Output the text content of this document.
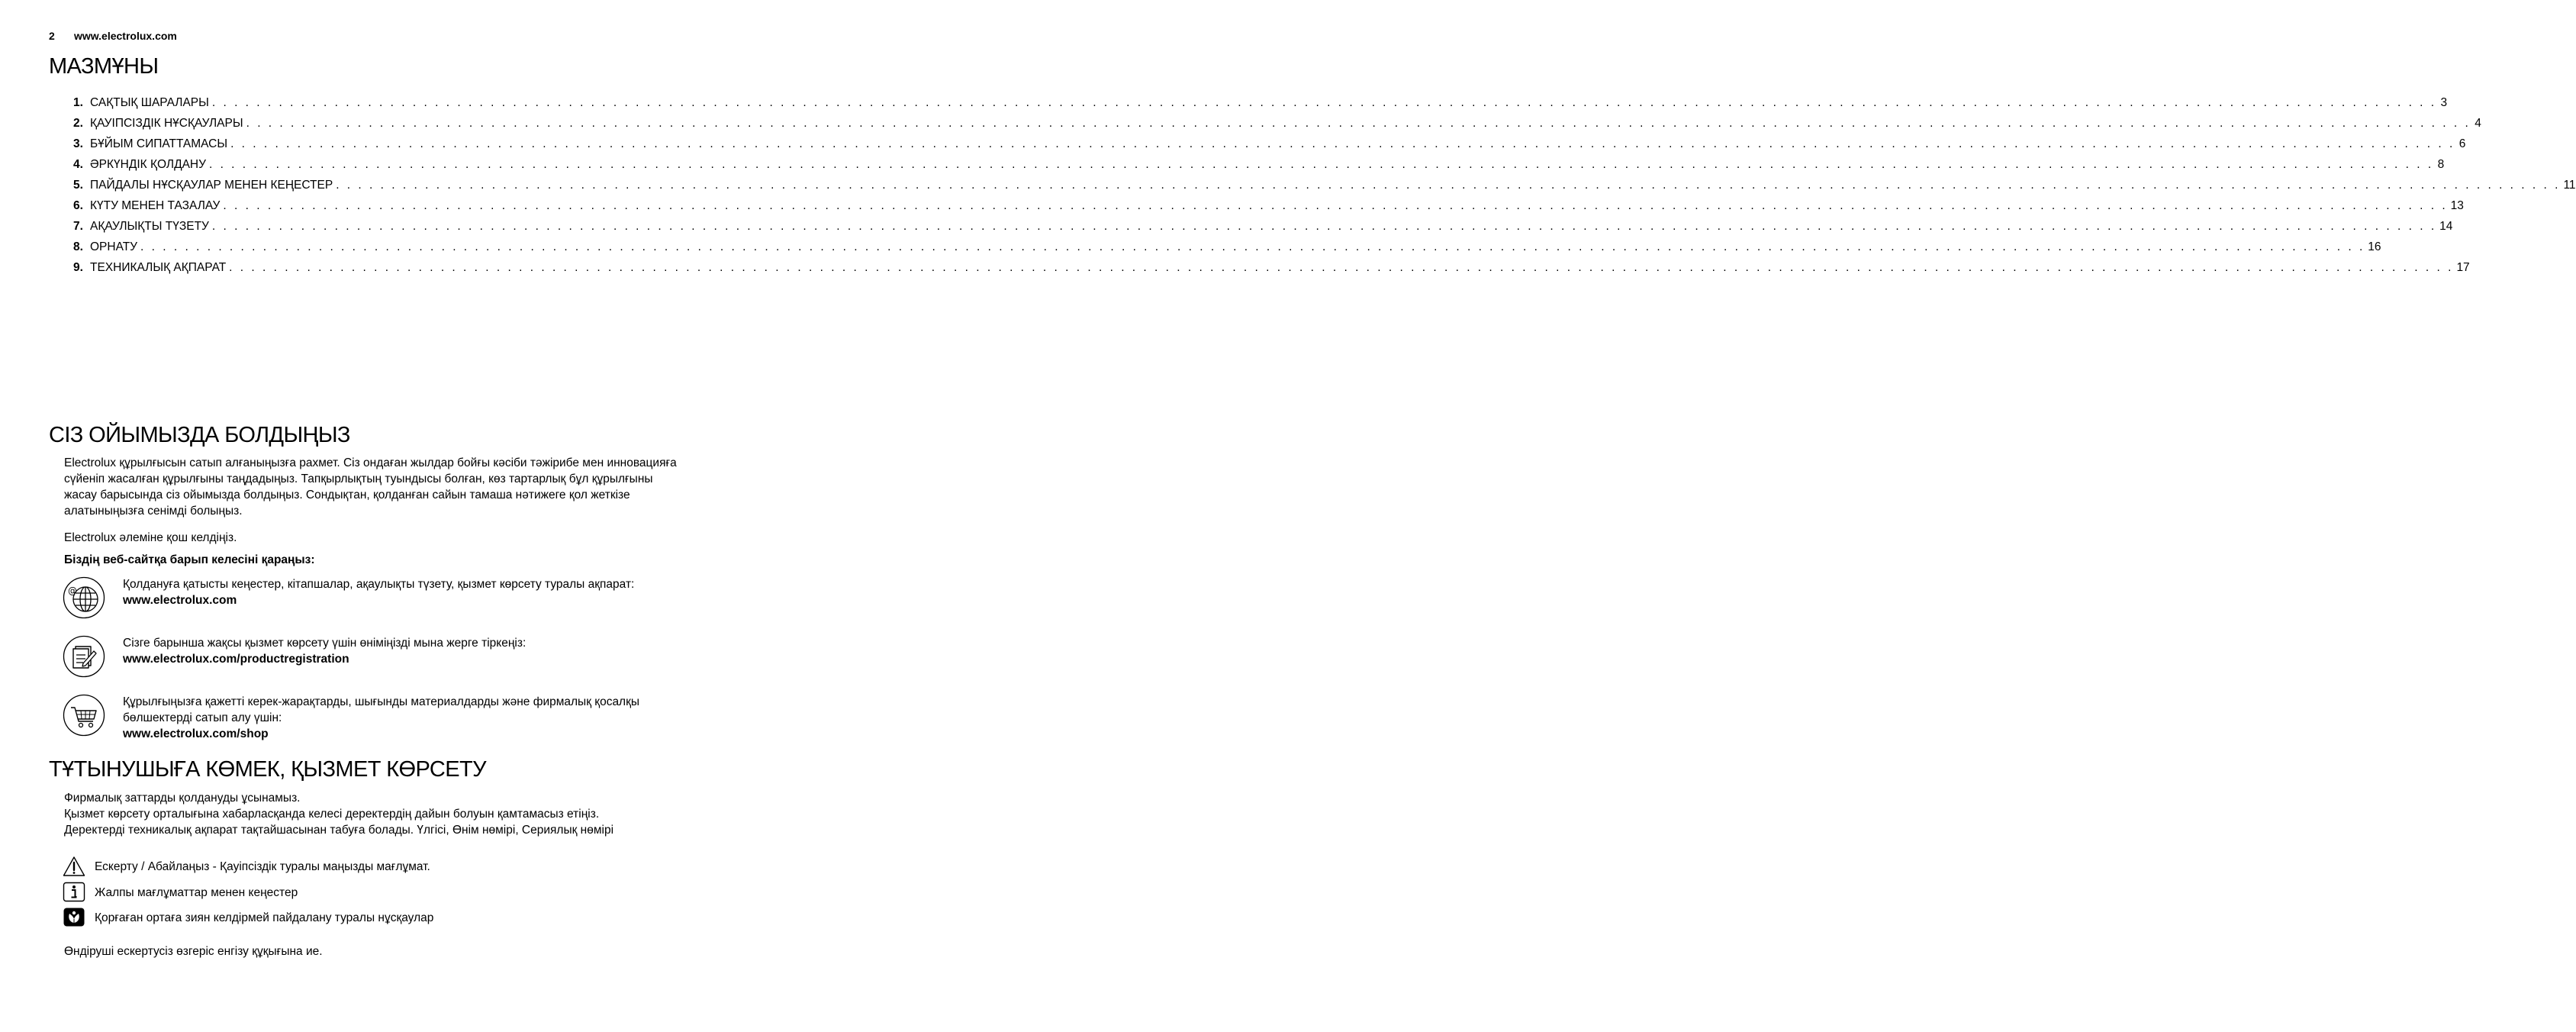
2 www.electrolux.com
МАЗМҰНЫ
1. САҚТЫҚ ШАРАЛАРЫ . . . . . . . . . . . . . . . . . . . . . . . . . . . . . . . . . . . . . . . . . . . . . . . . . . . . . . . . . . . . . . . . . . . . . . . . . . . . . . . . . . . . . . . . . . . . . . . . . . . . . . . . . . . . . . . . . . . . . . . . . . . . . . . . . . . . . . . . . . . . . . . . . . . . . . . . . . . . . . . . . . . . . . . . . . . . . . . . . . . . . . . . . . . . . . . . . . . . . . . . 3
2. ҚАУІПСІЗДІК НҰСҚАУЛАРЫ . . . . . . . . . . . . . . . . . . . . . . . . . . . . . . . . . . . . . . . . . . . . . . . . . . . . . . . . . . . . . . . . . . . . . . . . . . . . . . . . . . . . . . . . . . . . . . . . . . . . . . . . . . . . . . . . . . . . . . . . . . . . . . . . . . . . . . . . . . . . . . . . . . . . . . . . . . . . . . . . . . . . . . . . . . . . . . . . . . . . . . . . . . . . . . . . . . . . . . . . 4
3. БҰЙЫМ СИПАТТАМАСЫ . . . . . . . . . . . . . . . . . . . . . . . . . . . . . . . . . . . . . . . . . . . . . . . . . . . . . . . . . . . . . . . . . . . . . . . . . . . . . . . . . . . . . . . . . . . . . . . . . . . . . . . . . . . . . . . . . . . . . . . . . . . . . . . . . . . . . . . . . . . . . . . . . . . . . . . . . . . . . . . . . . . . . . . . . . . . . . . . . . . . . . . . . . . . . . . . . . . . . . . . 6
4. ӘРКҮНДІК ҚОЛДАНУ . . . . . . . . . . . . . . . . . . . . . . . . . . . . . . . . . . . . . . . . . . . . . . . . . . . . . . . . . . . . . . . . . . . . . . . . . . . . . . . . . . . . . . . . . . . . . . . . . . . . . . . . . . . . . . . . . . . . . . . . . . . . . . . . . . . . . . . . . . . . . . . . . . . . . . . . . . . . . . . . . . . . . . . . . . . . . . . . . . . . . . . . . . . . . . . . . . . . . . . . 8
5. ПАЙДАЛЫ НҰСҚАУЛАР МЕНЕН КЕҢЕСТЕР . . . . . . . . . . . . . . . . . . . . . . . . . . . . . . . . . . . . . . . . . . . . . . . . . . . . . . . . . . . . . . . . . . . . . . . . . . . . . . . . . . . . . . . . . . . . . . . . . . . . . . . . . . . . . . . . . . . . . . . . . . . . . . . . . . . . . . . . . . . . . . . . . . . . . . . . . . . . . . . . . . . . . . . . . . . . . . . . . . . . . . . . . . . . . . . . . . . . . . . . 11
6. КҮТУ МЕНЕН ТАЗАЛАУ . . . . . . . . . . . . . . . . . . . . . . . . . . . . . . . . . . . . . . . . . . . . . . . . . . . . . . . . . . . . . . . . . . . . . . . . . . . . . . . . . . . . . . . . . . . . . . . . . . . . . . . . . . . . . . . . . . . . . . . . . . . . . . . . . . . . . . . . . . . . . . . . . . . . . . . . . . . . . . . . . . . . . . . . . . . . . . . . . . . . . . . . . . . . . . . . . . . . . . . . 13
7. АҚАУЛЫҚТЫ ТҮЗЕТУ . . . . . . . . . . . . . . . . . . . . . . . . . . . . . . . . . . . . . . . . . . . . . . . . . . . . . . . . . . . . . . . . . . . . . . . . . . . . . . . . . . . . . . . . . . . . . . . . . . . . . . . . . . . . . . . . . . . . . . . . . . . . . . . . . . . . . . . . . . . . . . . . . . . . . . . . . . . . . . . . . . . . . . . . . . . . . . . . . . . . . . . . . . . . . . . . . . . . . . . . 14
8. ОРНАТУ . . . . . . . . . . . . . . . . . . . . . . . . . . . . . . . . . . . . . . . . . . . . . . . . . . . . . . . . . . . . . . . . . . . . . . . . . . . . . . . . . . . . . . . . . . . . . . . . . . . . . . . . . . . . . . . . . . . . . . . . . . . . . . . . . . . . . . . . . . . . . . . . . . . . . . . . . . . . . . . . . . . . . . . . . . . . . . . . . . . . . . . . . . . . . . . . . . . . . . . . 16
9. ТЕХНИКАЛЫҚ АҚПАРАТ . . . . . . . . . . . . . . . . . . . . . . . . . . . . . . . . . . . . . . . . . . . . . . . . . . . . . . . . . . . . . . . . . . . . . . . . . . . . . . . . . . . . . . . . . . . . . . . . . . . . . . . . . . . . . . . . . . . . . . . . . . . . . . . . . . . . . . . . . . . . . . . . . . . . . . . . . . . . . . . . . . . . . . . . . . . . . . . . . . . . . . . . . . . . . . . . . . . . . . . . 17
СІЗ ОЙЫМЫЗДА БОЛДЫҢЫЗ

Electrolux құрылғысын сатып алғаныңызға рахмет. Сіз ондаған жылдар бойғы кәсіби тәжірибе мен инновацияға сүйеніп жасалған құрылғыны таңдадыңыз. Тапқырлықтың туындысы болған, көз тартарлық бұл құрылғыны жасау барысында сіз ойымызда болдыңыз. Сондықтан, қолданған сайын тамаша нәтижеге қол жеткізе алатыныңызға сенімді болыңыз.

Electrolux әлеміне қош келдіңіз.

Біздің веб-сайтқа барып келесіні қараңыз:

@	Қолдануға қатысты кеңестер, кітапшалар, ақаулықты түзету, қызмет көрсету туралы ақпарат:
www.electrolux.com
Сізге барынша жақсы қызмет көрсету үшін өніміңізді мына жерге тіркеңіз:
www.electrolux.com/productregistration
Құрылғыңызға қажетті керек-жарақтарды, шығынды материалдарды және фирмалық қосалқы бөлшектерді сатып алу үшін:
www.electrolux.com/shop
ТҰТЫНУШЫҒА КӨМЕК, ҚЫЗМЕТ КӨРСЕТУ
Фирмалық заттарды қолдануды ұсынамыз.
Қызмет көрсету орталығына хабарласқанда келесі деректердің дайын болуын қамтамасыз етіңіз.
Деректерді техникалық ақпарат тақтайшасынан табуға болады. Үлгісі, Өнім нөмірі, Сериялық нөмірі
Ескерту / Абайлаңыз - Қауіпсіздік туралы маңызды мағлұмат.
Жалпы мағлұматтар менен кеңестер
Қорғаған ортаға зиян келдірмей пайдалану туралы нұсқаулар

Өндіруші ескертусіз өзгеріс енгізу құқығына ие.
